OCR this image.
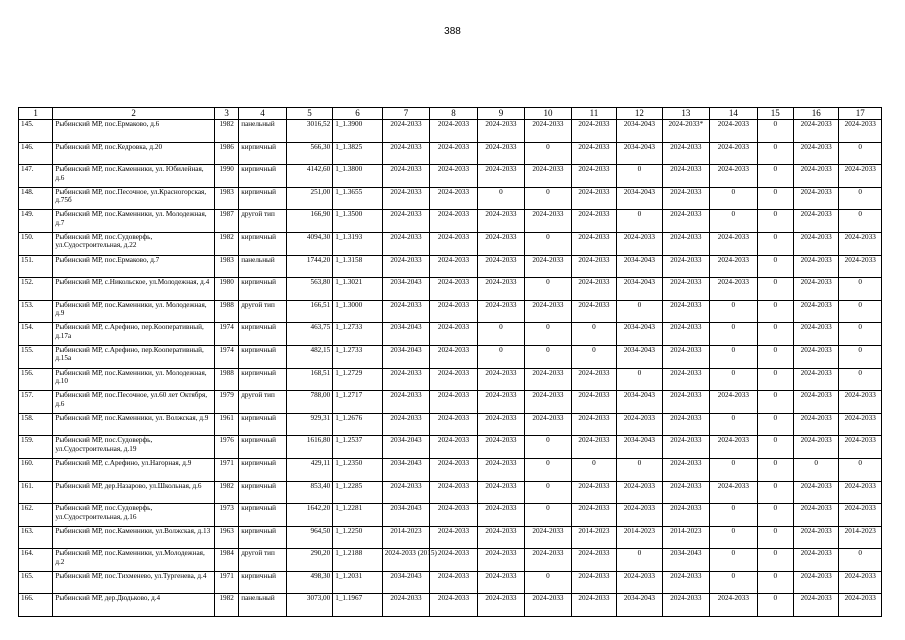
388
1	2	3	4	5	6	7	8	9	10	11	12	13	14	15	16	17
145.	Рыбинский МР, пос.Ермаково, д.6	1982	панельный	3016,52	1_1.3900	2024-2033	2024-2033	2024-2033	2024-2033	2024-2033	2034-2043	2024-2033*	2024-2033	0	2024-2033	2024-2033
146.	Рыбинский МР, пос.Кедровка, д.20	1986	кирпичный	566,30	1_1.3825	2024-2033	2024-2033	2024-2033	0	2024-2033	2034-2043	2024-2033	2024-2033	0	2024-2033	0
147.	Рыбинский МР, пос.Каменники, ул. Юбилейная, д.6	1990	кирпичный	4142,60	1_1.3800	2024-2033	2024-2033	2024-2033	2024-2033	2024-2033	0	2024-2033	2024-2033	0	2024-2033	2024-2033
148.	Рыбинский МР, пос.Песочное, ул.Красногорская, д.75б	1983	кирпичный	251,00	1_1.3655	2024-2033	2024-2033	0	0	2024-2033	2034-2043	2024-2033	0	0	2024-2033	0
149.	Рыбинский МР, пос.Каменники, ул. Молодежная, д.7	1987	другой тип	166,90	1_1.3500	2024-2033	2024-2033	2024-2033	2024-2033	2024-2033	0	2024-2033	0	0	2024-2033	0
150.	Рыбинский МР, пос.Судоверфь, ул.Судостроительная, д.22	1982	кирпичный	4094,30	1_1.3193	2024-2033	2024-2033	2024-2033	0	2024-2033	2024-2033	2024-2033	2024-2033	0	2024-2033	2024-2033
151.	Рыбинский МР, пос.Ермаково, д.7	1983	панельный	1744,20	1_1.3158	2024-2033	2024-2033	2024-2033	2024-2033	2024-2033	2034-2043	2024-2033	2024-2033	0	2024-2033	2024-2033
152.	Рыбинский МР, с.Никольское, ул.Молодежная, д.4	1980	кирпичный	563,80	1_1.3021	2034-2043	2024-2033	2024-2033	0	2024-2033	2034-2043	2024-2033	2024-2033	0	2024-2033	0
153.	Рыбинский МР, пос.Каменники, ул. Молодежная, д.9	1988	другой тип	166,51	1_1.3000	2024-2033	2024-2033	2024-2033	2024-2033	2024-2033	0	2024-2033	0	0	2024-2033	0
154.	Рыбинский МР, с.Арефино, пер.Кооперативный, д.17а	1974	кирпичный	463,75	1_1.2733	2034-2043	2024-2033	0	0	0	2034-2043	2024-2033	0	0	2024-2033	0
155.	Рыбинский МР, с.Арефино, пер.Кооперативный, д.15а	1974	кирпичный	482,15	1_1.2733	2034-2043	2024-2033	0	0	0	2034-2043	2024-2033	0	0	2024-2033	0
156.	Рыбинский МР, пос.Каменники, ул. Молодежная, д.10	1988	кирпичный	168,51	1_1.2729	2024-2033	2024-2033	2024-2033	2024-2033	2024-2033	0	2024-2033	0	0	2024-2033	0
157.	Рыбинский МР, пос.Песочное, ул.60 лет Октября, д.6	1979	другой тип	788,00	1_1.2717	2024-2033	2024-2033	2024-2033	2024-2033	2024-2033	2034-2043	2024-2033	2024-2033	0	2024-2033	2024-2033
158.	Рыбинский МР, пос.Каменники, ул. Волжская, д.9	1961	кирпичный	929,31	1_1.2676	2024-2033	2024-2033	2024-2033	2024-2033	2024-2033	2024-2033	2024-2033	0	0	2024-2033	2024-2033
159.	Рыбинский МР, пос.Судоверфь, ул.Судостроительная, д.19	1976	кирпичный	1616,80	1_1.2537	2034-2043	2024-2033	2024-2033	0	2024-2033	2034-2043	2024-2033	2024-2033	0	2024-2033	2024-2033
160.	Рыбинский МР, с.Арефино, ул.Нагорная, д.9	1971	кирпичный	429,11	1_1.2350	2034-2043	2024-2033	2024-2033	0	0	0	2024-2033	0	0	0	0
161.	Рыбинский МР, дер.Назарово, ул.Школьная, д.6	1982	кирпичный	853,40	1_1.2285	2024-2033	2024-2033	2024-2033	0	2024-2033	2024-2033	2024-2033	2024-2033	0	2024-2033	2024-2033
162.	Рыбинский МР, пос.Судоверфь, ул.Судостроительная, д.16	1973	кирпичный	1642,20	1_1.2281	2034-2043	2024-2033	2024-2033	0	2024-2033	2024-2033	2024-2033	0	0	2024-2033	2024-2033
163.	Рыбинский МР, пос.Каменники, ул.Волжская, д.13	1963	кирпичный	964,50	1_1.2250	2014-2023	2024-2033	2024-2033	2024-2033	2014-2023	2014-2023	2014-2023	0	0	2024-2033	2014-2023
164.	Рыбинский МР, пос.Каменники, ул.Молодежная, д.2	1984	другой тип	290,20	1_1.2188	2024-2033 (2015)	2024-2033	2024-2033	2024-2033	2024-2033	0	2034-2043	0	0	2024-2033	0
165.	Рыбинский МР, пос.Тихменево, ул.Тургенева, д.4	1971	кирпичный	498,30	1_1.2031	2034-2043	2024-2033	2024-2033	0	2024-2033	2024-2033	2024-2033	0	0	2024-2033	2024-2033
166.	Рыбинский МР, дер.Дюдьково, д.4	1982	панельный	3073,00	1_1.1967	2024-2033	2024-2033	2024-2033	2024-2033	2024-2033	2034-2043	2024-2033	2024-2033	0	2024-2033	2024-2033
